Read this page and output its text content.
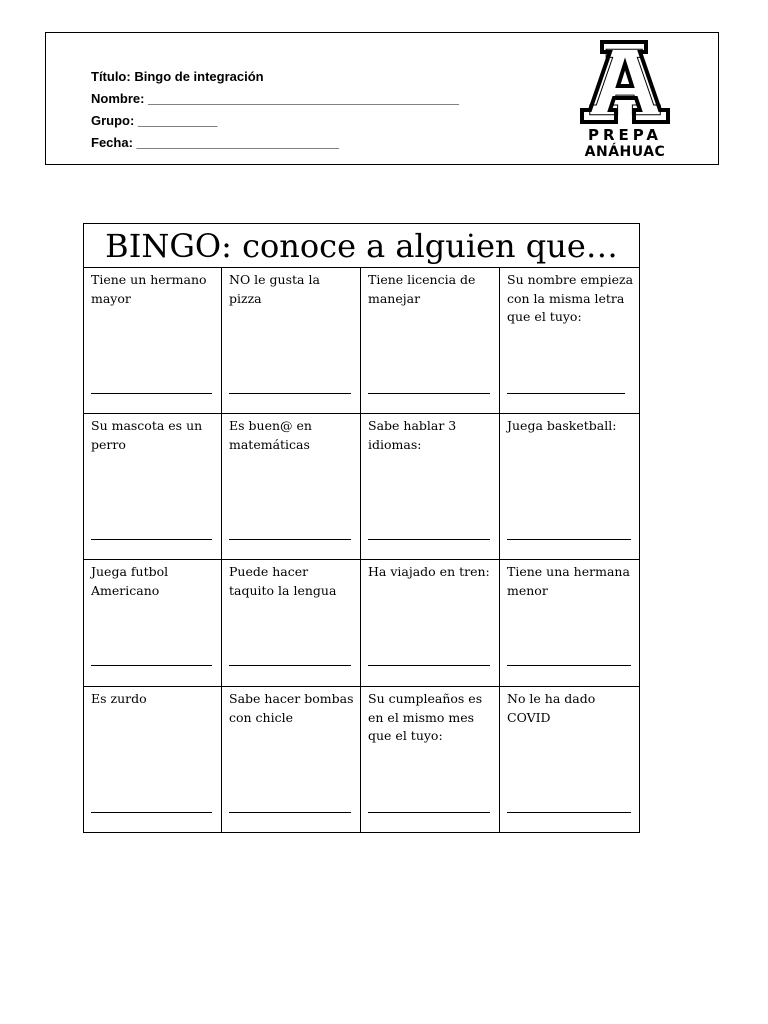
Título: Bingo de integración
Nombre: ___________________________________________
Grupo: ___________
Fecha: ____________________________	PREPA
ANÁHUAC
BINGO: conoce a alguien que…
Tiene un hermano mayor
NO le gusta la pizza
Tiene licencia de manejar
Su nombre empieza con la misma letra que el tuyo:
Su mascota es un perro
Es buen@ en matemáticas
Sabe hablar 3 idiomas:
Juega basketball:
Juega futbol Americano
Puede hacer taquito la lengua
Ha viajado en tren: Tiene una hermana menor
Es zurdo	Sabe hacer bombas con chicle
Su cumpleaños es en el mismo mes que el tuyo:
No le ha dado COVID
